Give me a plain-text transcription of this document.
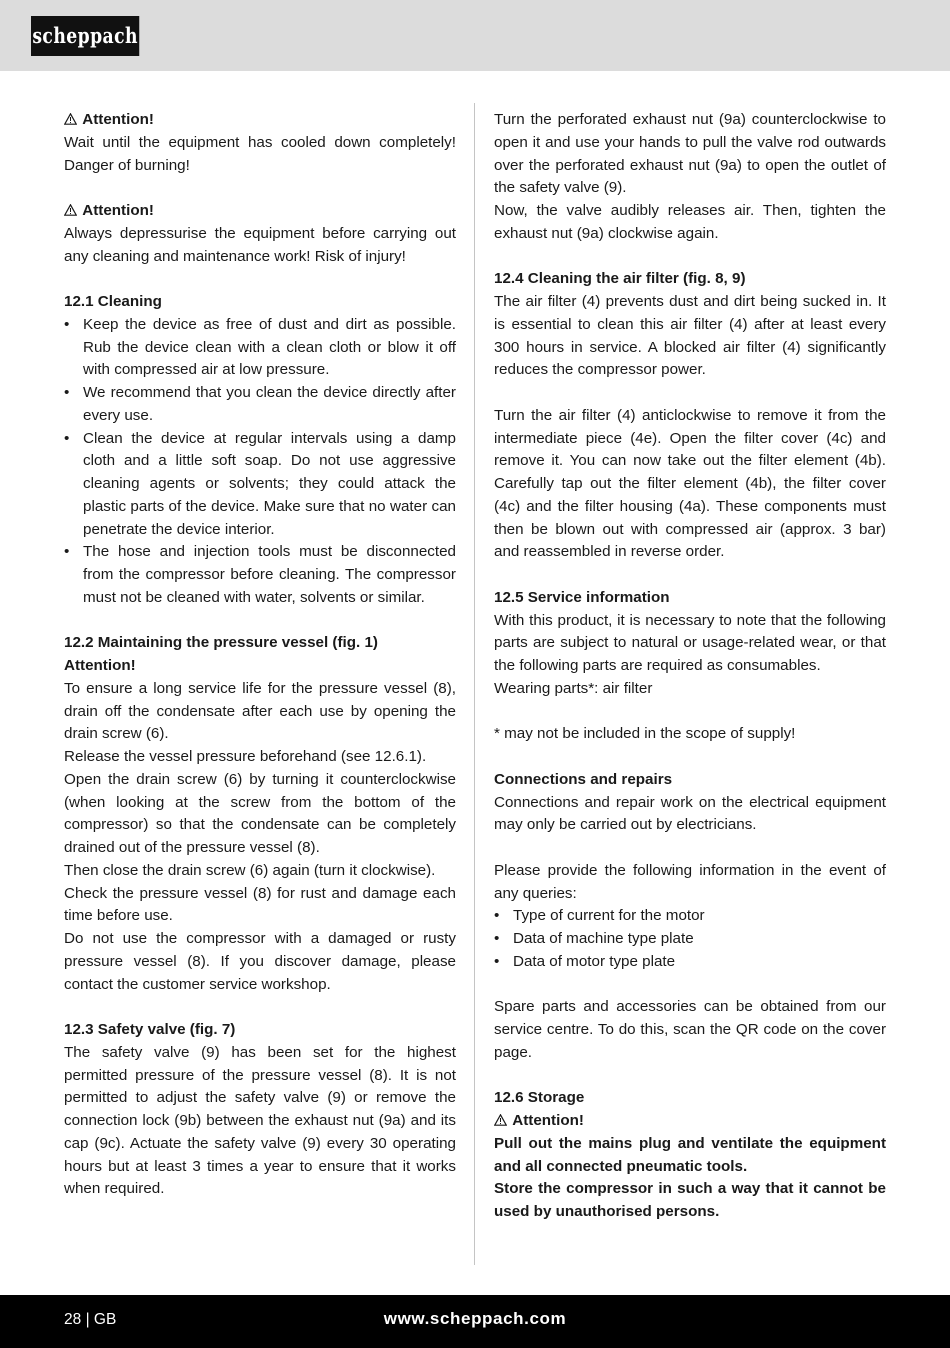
scheppach

Attention!

Wait until the equipment has cooled down completely! Danger of burning!

Attention!

Always depressurise the equipment before carrying out any cleaning and maintenance work! Risk of injury!

12.1 Cleaning

• Keep the device as free of dust and dirt as possible. Rub the device clean with a clean cloth or blow it off with compressed air at low pressure.
• We recommend that you clean the device directly after every use.
• Clean the device at regular intervals using a damp cloth and a little soft soap. Do not use aggressive cleaning agents or solvents; they could attack the plastic parts of the device. Make sure that no water can penetrate the device interior.
• The hose and injection tools must be disconnected from the compressor before cleaning. The compressor must not be cleaned with water, solvents or similar.

12.2 Maintaining the pressure vessel (fig. 1)

Attention!

To ensure a long service life for the pressure vessel (8), drain off the condensate after each use by opening the drain screw (6).

Release the vessel pressure beforehand (see 12.6.1).

Open the drain screw (6) by turning it counterclockwise (when looking at the screw from the bottom of the compressor) so that the condensate can be completely drained out of the pressure vessel (8).

Then close the drain screw (6) again (turn it clockwise).

Check the pressure vessel (8) for rust and damage each time before use.

Do not use the compressor with a damaged or rusty pressure vessel (8). If you discover damage, please contact the customer service workshop.

12.3 Safety valve (fig. 7)

The safety valve (9) has been set for the highest permitted pressure of the pressure vessel (8). It is not permitted to adjust the safety valve (9) or remove the connection lock (9b) between the exhaust nut (9a) and its cap (9c). Actuate the safety valve (9) every 30 operating hours but at least 3 times a year to ensure that it works when required.

Turn the perforated exhaust nut (9a) counterclockwise to open it and use your hands to pull the valve rod outwards over the perforated exhaust nut (9a) to open the outlet of the safety valve (9).

Now, the valve audibly releases air. Then, tighten the exhaust nut (9a) clockwise again.

12.4 Cleaning the air filter (fig. 8, 9)

The air filter (4) prevents dust and dirt being sucked in. It is essential to clean this air filter (4) after at least every 300 hours in service. A blocked air filter (4) significantly reduces the compressor power.

Turn the air filter (4) anticlockwise to remove it from the intermediate piece (4e). Open the filter cover (4c) and remove it. You can now take out the filter element (4b). Carefully tap out the filter element (4b), the filter cover (4c) and the filter housing (4a). These components must then be blown out with compressed air (approx. 3 bar) and reassembled in reverse order.

12.5 Service information

With this product, it is necessary to note that the following parts are subject to natural or usage-related wear, or that the following parts are required as consumables.

Wearing parts*: air filter

* may not be included in the scope of supply!

Connections and repairs

Connections and repair work on the electrical equipment may only be carried out by electricians.

Please provide the following information in the event of any queries:

• Type of current for the motor
• Data of machine type plate
• Data of motor type plate

Spare parts and accessories can be obtained from our service centre. To do this, scan the QR code on the cover page.

12.6 Storage

Attention!

Pull out the mains plug and ventilate the equipment and all connected pneumatic tools.

Store the compressor in such a way that it cannot be used by unauthorised persons.

28 | GB	www.scheppach.com
